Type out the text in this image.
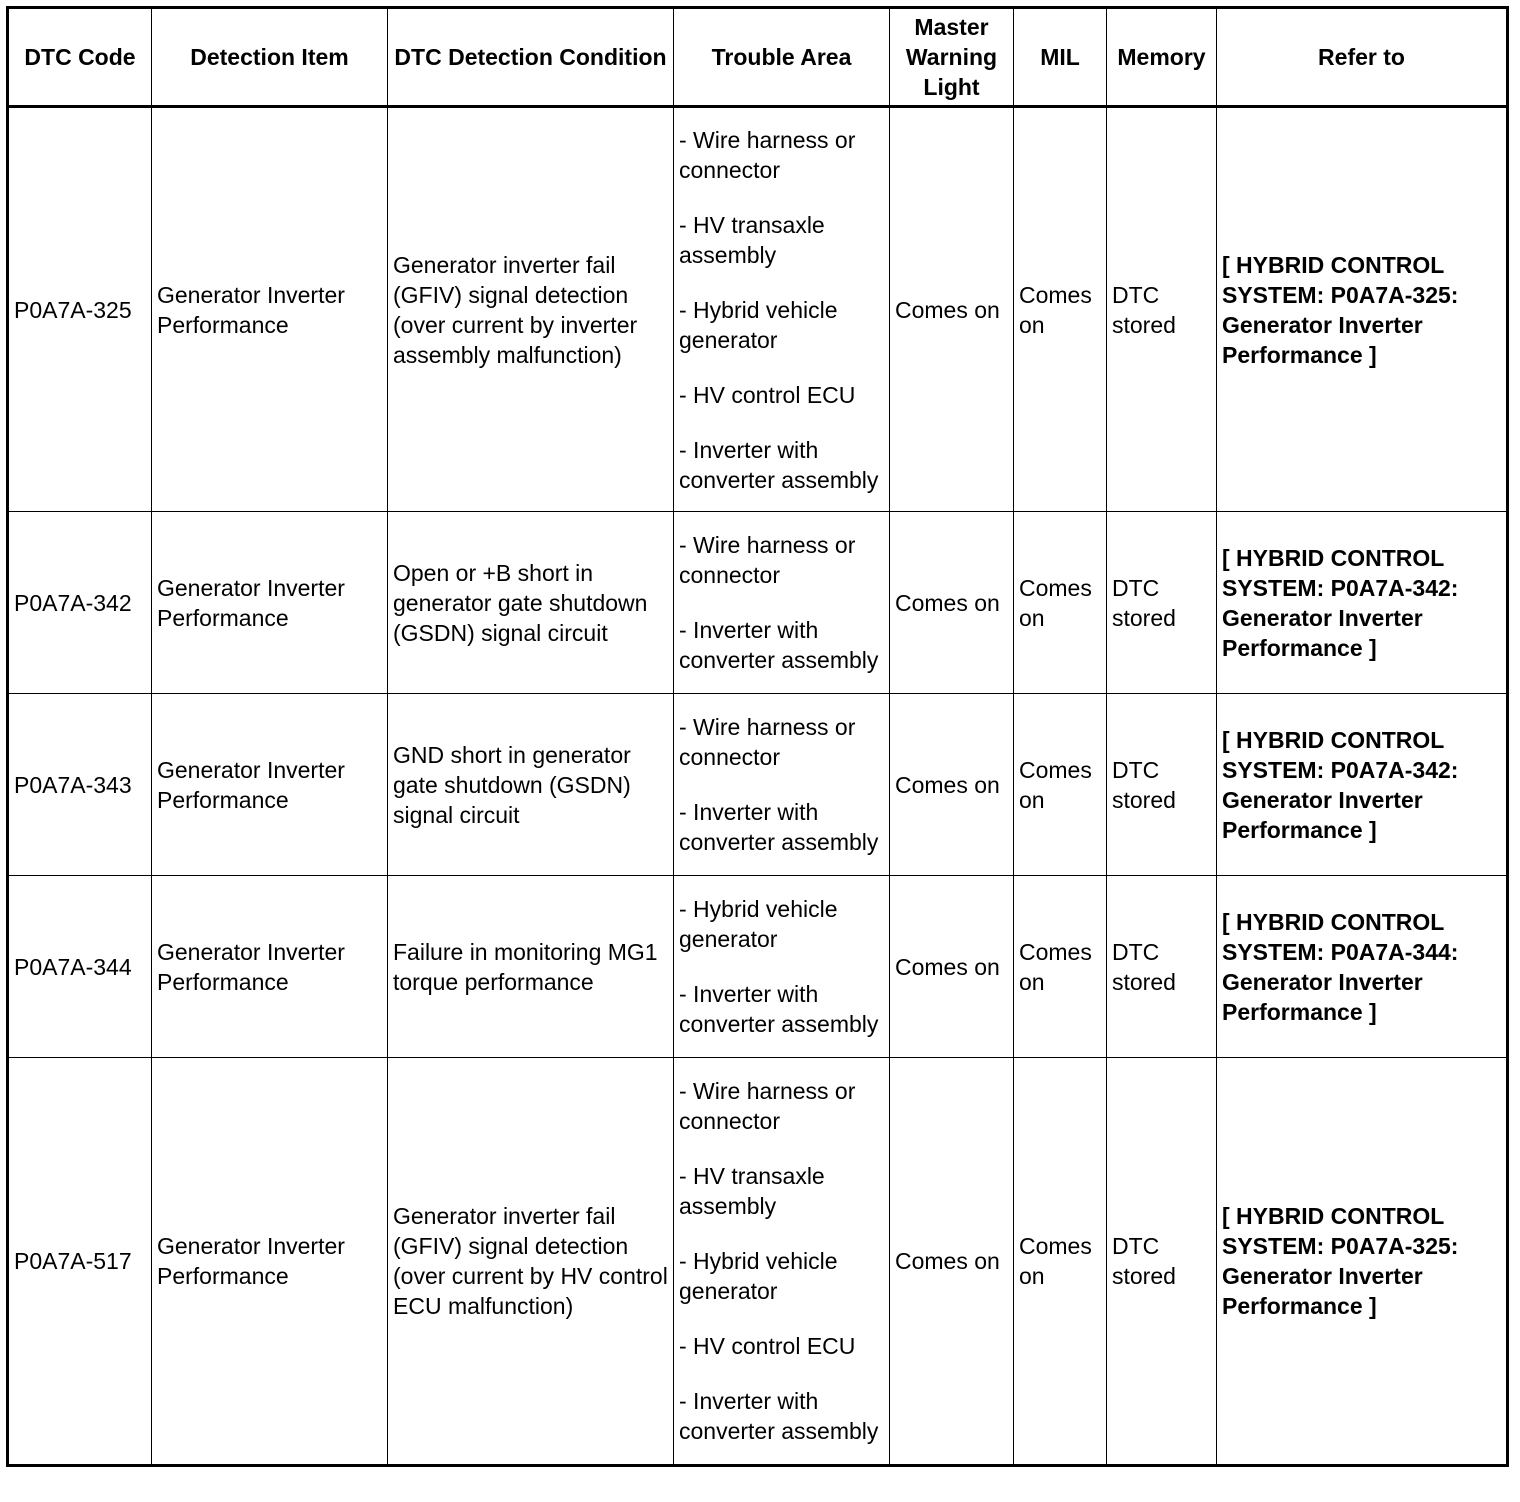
DTC Code	Detection Item	DTC Detection Condition	Trouble Area	Master Warning Light	MIL	Memory	Refer to
P0A7A-325	Generator Inverter Performance	Generator inverter fail (GFIV) signal detection (over current by inverter assembly malfunction)	- Wire harness or connector
- HV transaxle assembly
- Hybrid vehicle generator
- HV control ECU
- Inverter with converter assembly	Comes on	Comes on	DTC stored	[ HYBRID CONTROL SYSTEM: P0A7A-325: Generator Inverter Performance ]
P0A7A-342	Generator Inverter Performance	Open or +B short in generator gate shutdown (GSDN) signal circuit	- Wire harness or connector
- Inverter with converter assembly	Comes on	Comes on	DTC stored	[ HYBRID CONTROL SYSTEM: P0A7A-342: Generator Inverter Performance ]
P0A7A-343	Generator Inverter Performance	GND short in generator gate shutdown (GSDN) signal circuit	- Wire harness or connector
- Inverter with converter assembly	Comes on	Comes on	DTC stored	[ HYBRID CONTROL SYSTEM: P0A7A-342: Generator Inverter Performance ]
P0A7A-344	Generator Inverter Performance	Failure in monitoring MG1 torque performance	- Hybrid vehicle generator
- Inverter with converter assembly	Comes on	Comes on	DTC stored	[ HYBRID CONTROL SYSTEM: P0A7A-344: Generator Inverter Performance ]
P0A7A-517	Generator Inverter Performance	Generator inverter fail (GFIV) signal detection (over current by HV control ECU malfunction)	- Wire harness or connector
- HV transaxle assembly
- Hybrid vehicle generator
- HV control ECU
- Inverter with converter assembly	Comes on	Comes on	DTC stored	[ HYBRID CONTROL SYSTEM: P0A7A-325: Generator Inverter Performance ]
